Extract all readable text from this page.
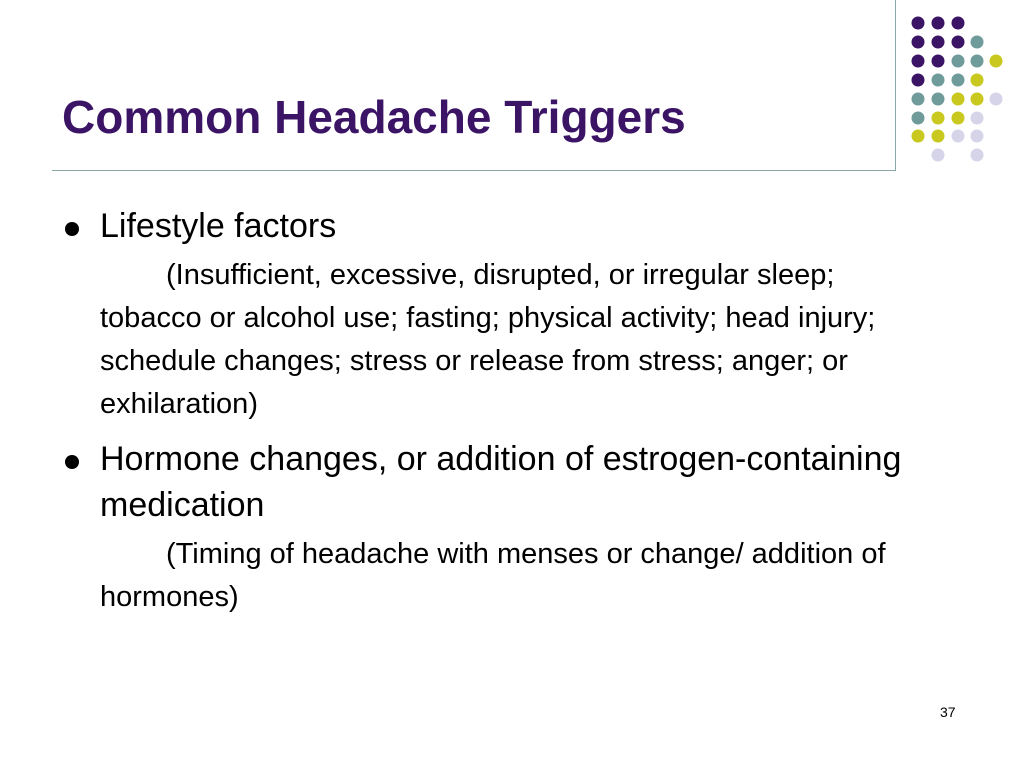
Common Headache Triggers
Lifestyle factors
(Insufficient, excessive, disrupted, or irregular sleep; tobacco or alcohol use; fasting; physical activity; head injury; schedule changes; stress or release from stress; anger; or exhilaration)
Hormone changes, or addition of estrogen-containing medication
(Timing of headache with menses or change/ addition of hormones)
37
